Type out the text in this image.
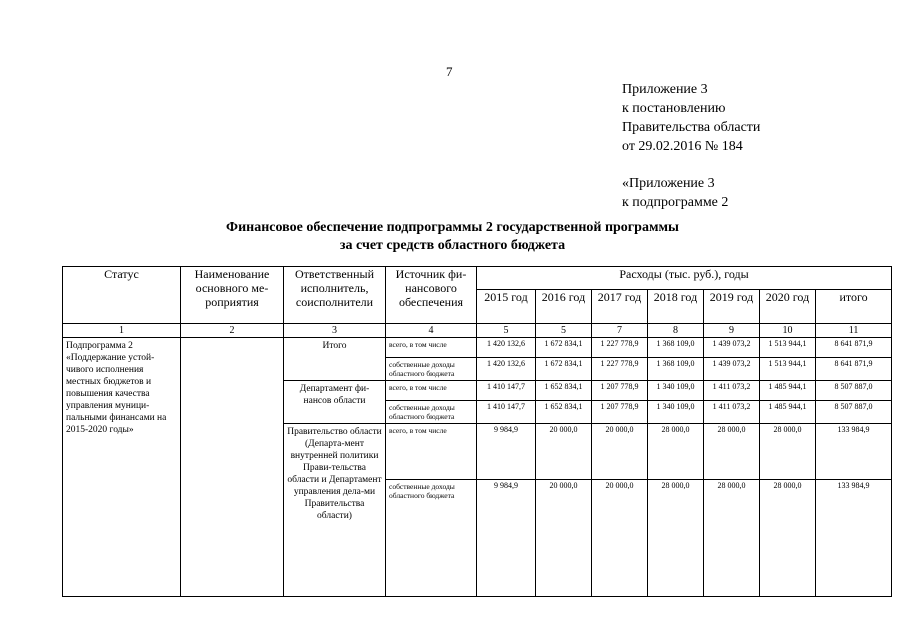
7
Приложение 3
к постановлению
Правительства области
от 29.02.2016 № 184
«Приложение 3
к подпрограмме 2
Финансовое обеспечение подпрограммы 2 государственной программы
за счет средств областного бюджета
Статус	Наименование основного ме-роприятия	Ответственный исполнитель, соисполнители	Источник фи-нансового обеспечения	Расходы (тыс. руб.), годы						
				2015 год	2016 год	2017 год	2018 год	2019 год	2020 год	итого
1	2	3	4	5	5	7	8	9	10	11
Подпрограмма 2 «Поддержание устой-чивого исполнения местных бюджетов и повышения качества управления муници-пальными финансами на 2015-2020 годы»		Итого	всего, в том числе	1 420 132,6	1 672 834,1	1 227 778,9	1 368 109,0	1 439 073,2	1 513 944,1	8 641 871,9
			собственные доходы областного бюджета	1 420 132,6	1 672 834,1	1 227 778,9	1 368 109,0	1 439 073,2	1 513 944,1	8 641 871,9
		Департамент фи-нансов области	всего, в том числе	1 410 147,7	1 652 834,1	1 207 778,9	1 340 109,0	1 411 073,2	1 485 944,1	8 507 887,0
			собственные доходы областного бюджета	1 410 147,7	1 652 834,1	1 207 778,9	1 340 109,0	1 411 073,2	1 485 944,1	8 507 887,0
		Правительство области (Департа-мент внутренней политики Прави-тельства области и Департамент управления дела-ми Правительства области)	всего, в том числе	9 984,9	20 000,0	20 000,0	28 000,0	28 000,0	28 000,0	133 984,9
			собственные доходы областного бюджета	9 984,9	20 000,0	20 000,0	28 000,0	28 000,0	28 000,0	133 984,9
